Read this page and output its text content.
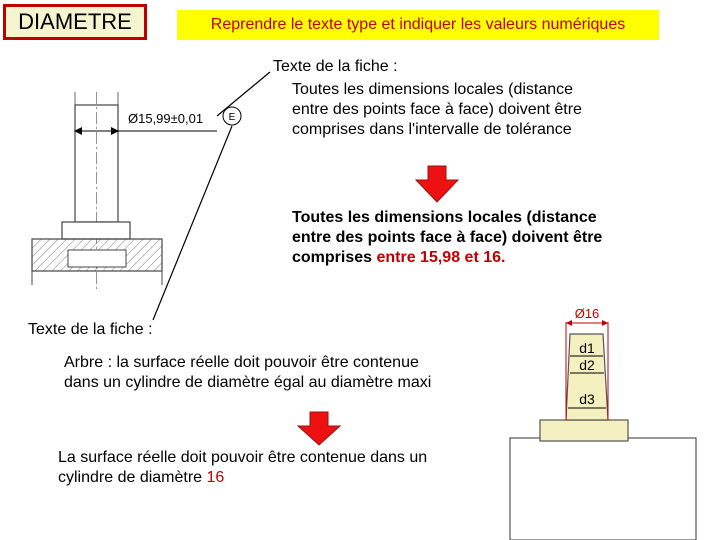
DIAMETRE	Reprendre le texte type et indiquer les valeurs numériques
Texte de la fiche :
Toutes les dimensions locales (distance
entre des points face à face) doivent être
comprises dans l'intervalle de tolérance
Toutes les dimensions locales (distance
entre des points face à face) doivent être
comprises entre 15,98 et 16.
Texte de la fiche :
Arbre : la surface réelle doit pouvoir être contenue
dans un cylindre de diamètre égal au diamètre maxi
La surface réelle doit pouvoir être contenue dans un
cylindre de diamètre 16
Ø15,99±0,01	E
Ø16
d1
d2
d3
